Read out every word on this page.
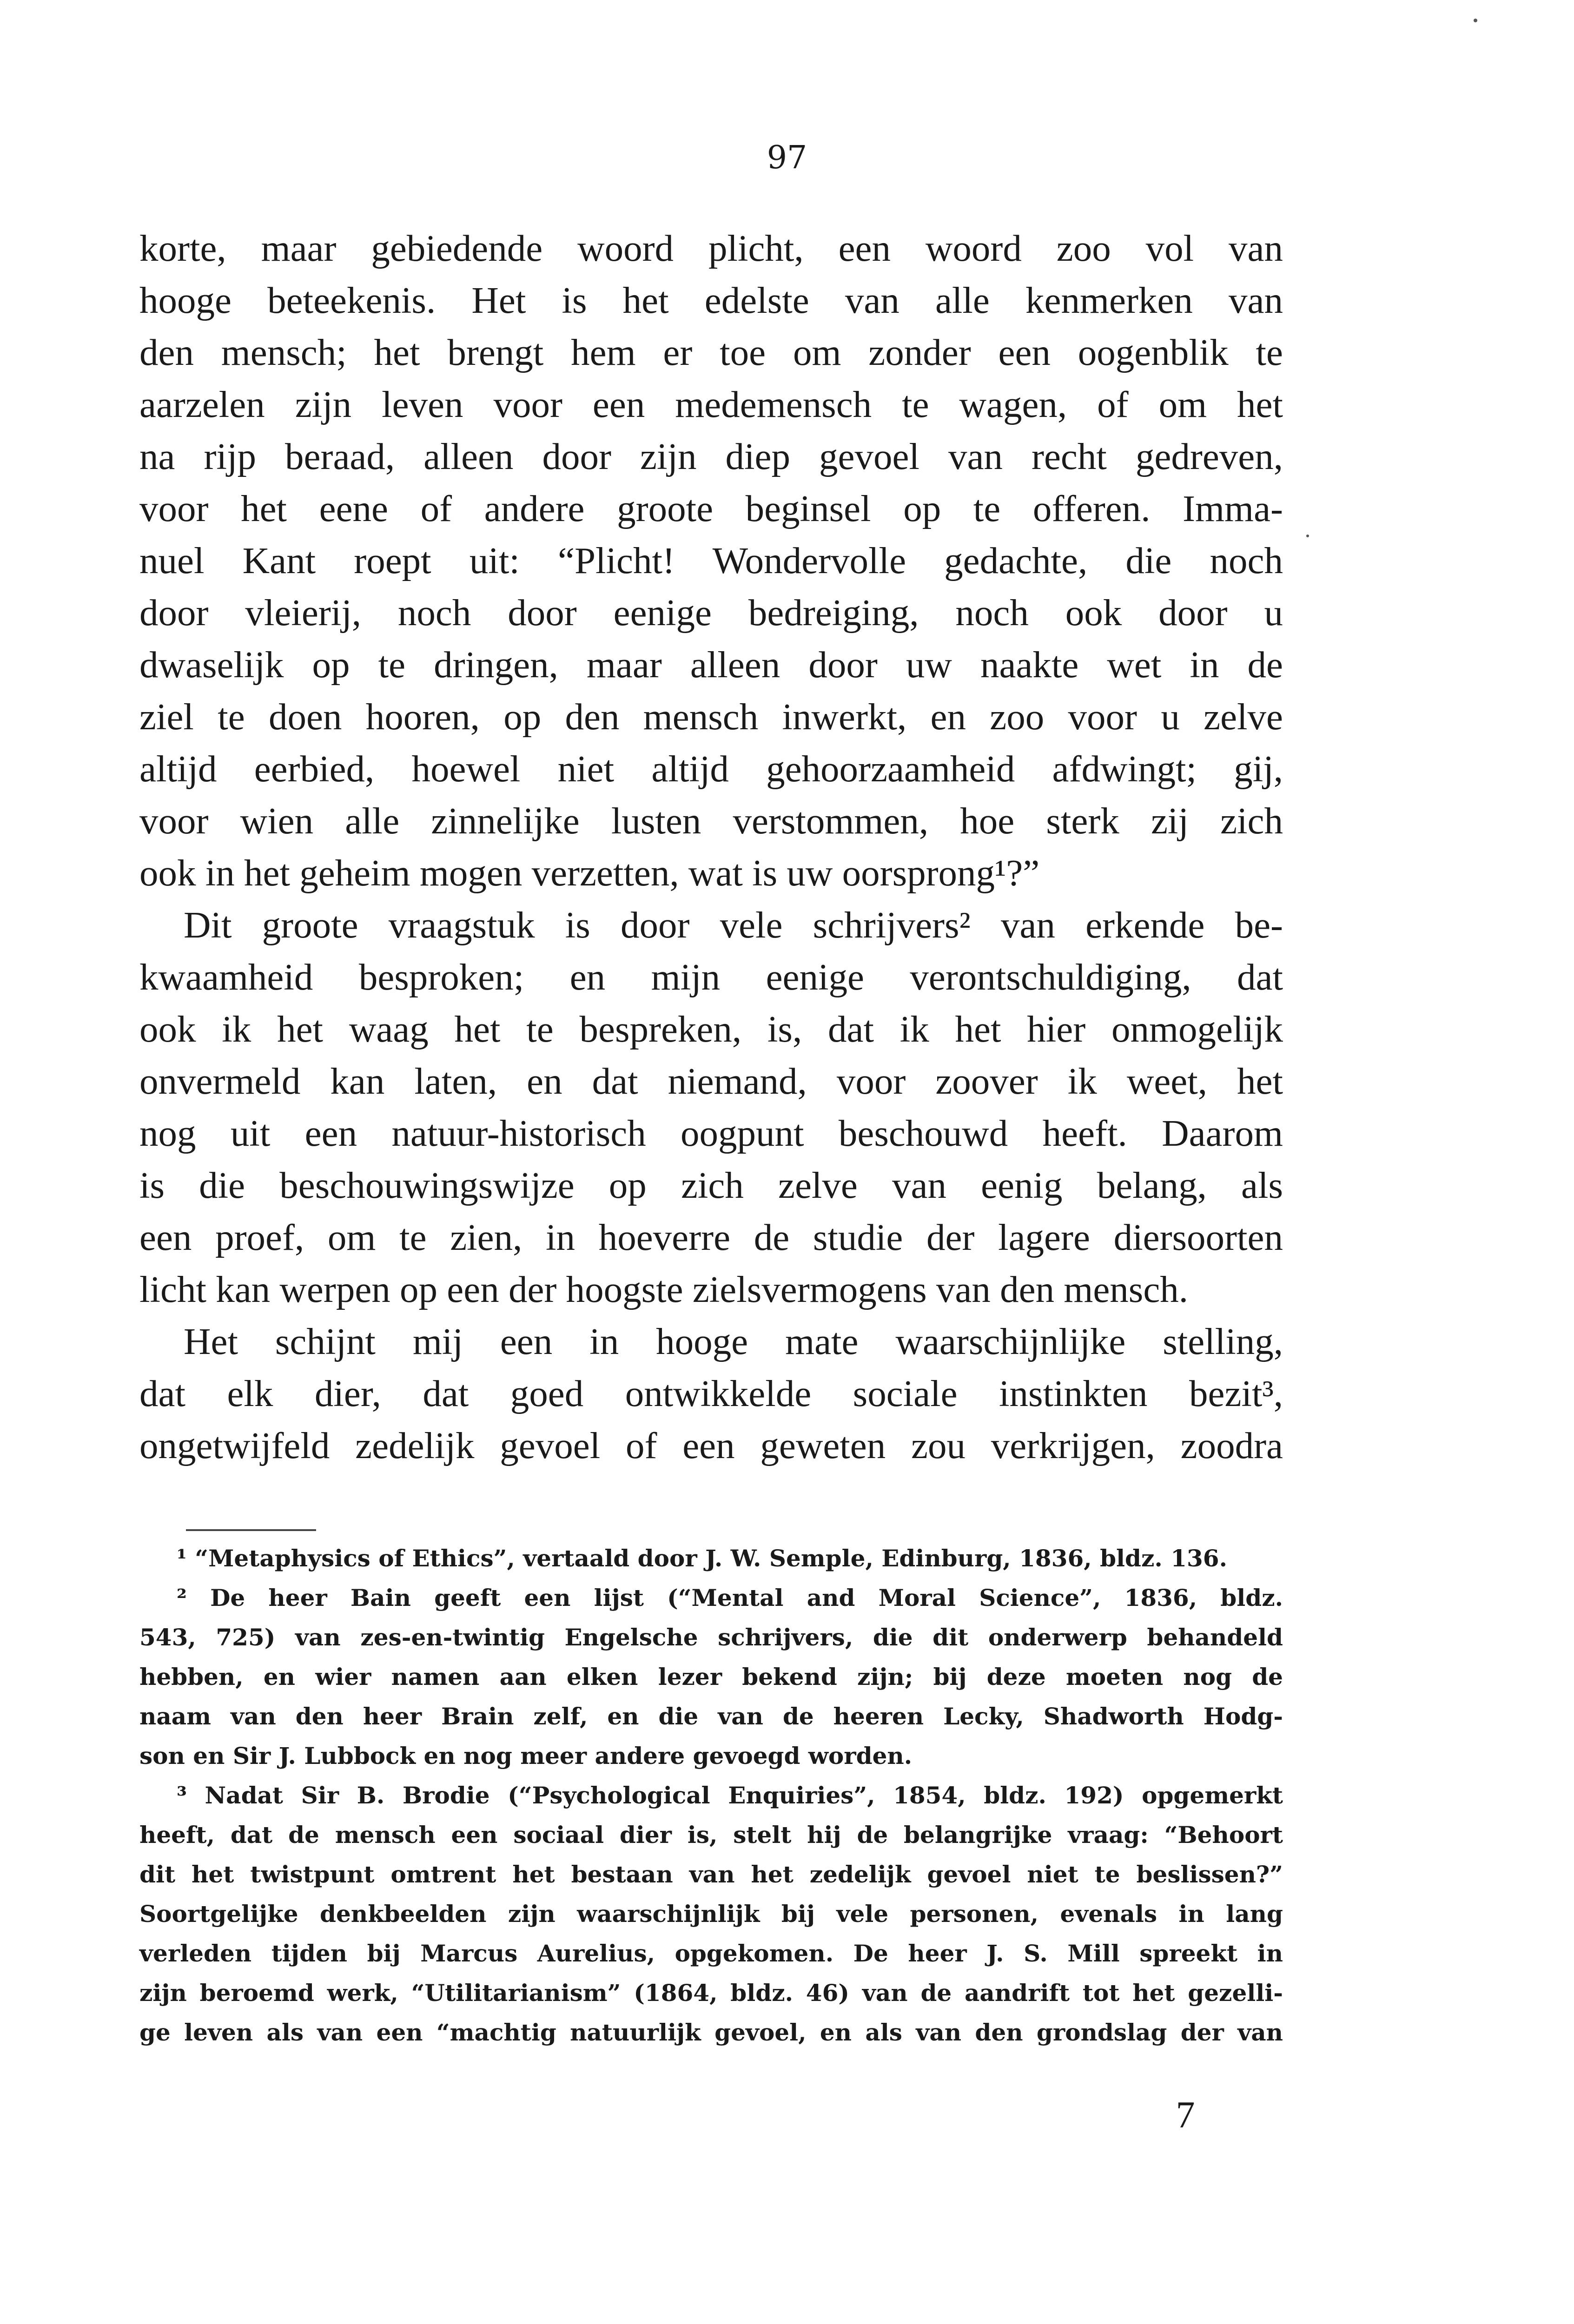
97
korte, maar gebiedende woord plicht, een woord zoo vol van
hooge beteekenis. Het is het edelste van alle kenmerken van
den mensch; het brengt hem er toe om zonder een oogenblik te
aarzelen zijn leven voor een medemensch te wagen, of om het
na rijp beraad, alleen door zijn diep gevoel van recht gedreven,
voor het eene of andere groote beginsel op te offeren. Imma-
nuel Kant roept uit: “Plicht! Wondervolle gedachte, die noch
door vleierij, noch door eenige bedreiging, noch ook door u
dwaselijk op te dringen, maar alleen door uw naakte wet in de
ziel te doen hooren, op den mensch inwerkt, en zoo voor u zelve
altijd eerbied, hoewel niet altijd gehoorzaamheid afdwingt; gij,
voor wien alle zinnelijke lusten verstommen, hoe sterk zij zich
ook in het geheim mogen verzetten, wat is uw oorsprong¹?”
Dit groote vraagstuk is door vele schrijvers² van erkende be-
kwaamheid besproken; en mijn eenige verontschuldiging, dat
ook ik het waag het te bespreken, is, dat ik het hier onmogelijk
onvermeld kan laten, en dat niemand, voor zoover ik weet, het
nog uit een natuur-historisch oogpunt beschouwd heeft. Daarom
is die beschouwingswijze op zich zelve van eenig belang, als
een proef, om te zien, in hoeverre de studie der lagere diersoorten
licht kan werpen op een der hoogste zielsvermogens van den mensch.
Het schijnt mij een in hooge mate waarschijnlijke stelling,
dat elk dier, dat goed ontwikkelde sociale instinkten bezit³,
ongetwijfeld zedelijk gevoel of een geweten zou verkrijgen, zoodra
¹ “Metaphysics of Ethics”, vertaald door J. W. Semple, Edinburg, 1836, bldz. 136.
² De heer Bain geeft een lijst (“Mental and Moral Science”, 1836, bldz.
543, 725) van zes-en-twintig Engelsche schrijvers, die dit onderwerp behandeld
hebben, en wier namen aan elken lezer bekend zijn; bij deze moeten nog de
naam van den heer Brain zelf, en die van de heeren Lecky, Shadworth Hodg-
son en Sir J. Lubbock en nog meer andere gevoegd worden.
³ Nadat Sir B. Brodie (“Psychological Enquiries”, 1854, bldz. 192) opgemerkt
heeft, dat de mensch een sociaal dier is, stelt hij de belangrijke vraag: “Behoort
dit het twistpunt omtrent het bestaan van het zedelijk gevoel niet te beslissen?”
Soortgelijke denkbeelden zijn waarschijnlijk bij vele personen, evenals in lang
verleden tijden bij Marcus Aurelius, opgekomen. De heer J. S. Mill spreekt in
zijn beroemd werk, “Utilitarianism” (1864, bldz. 46) van de aandrift tot het gezelli-
ge leven als van een “machtig natuurlijk gevoel, en als van den grondslag der van
7
